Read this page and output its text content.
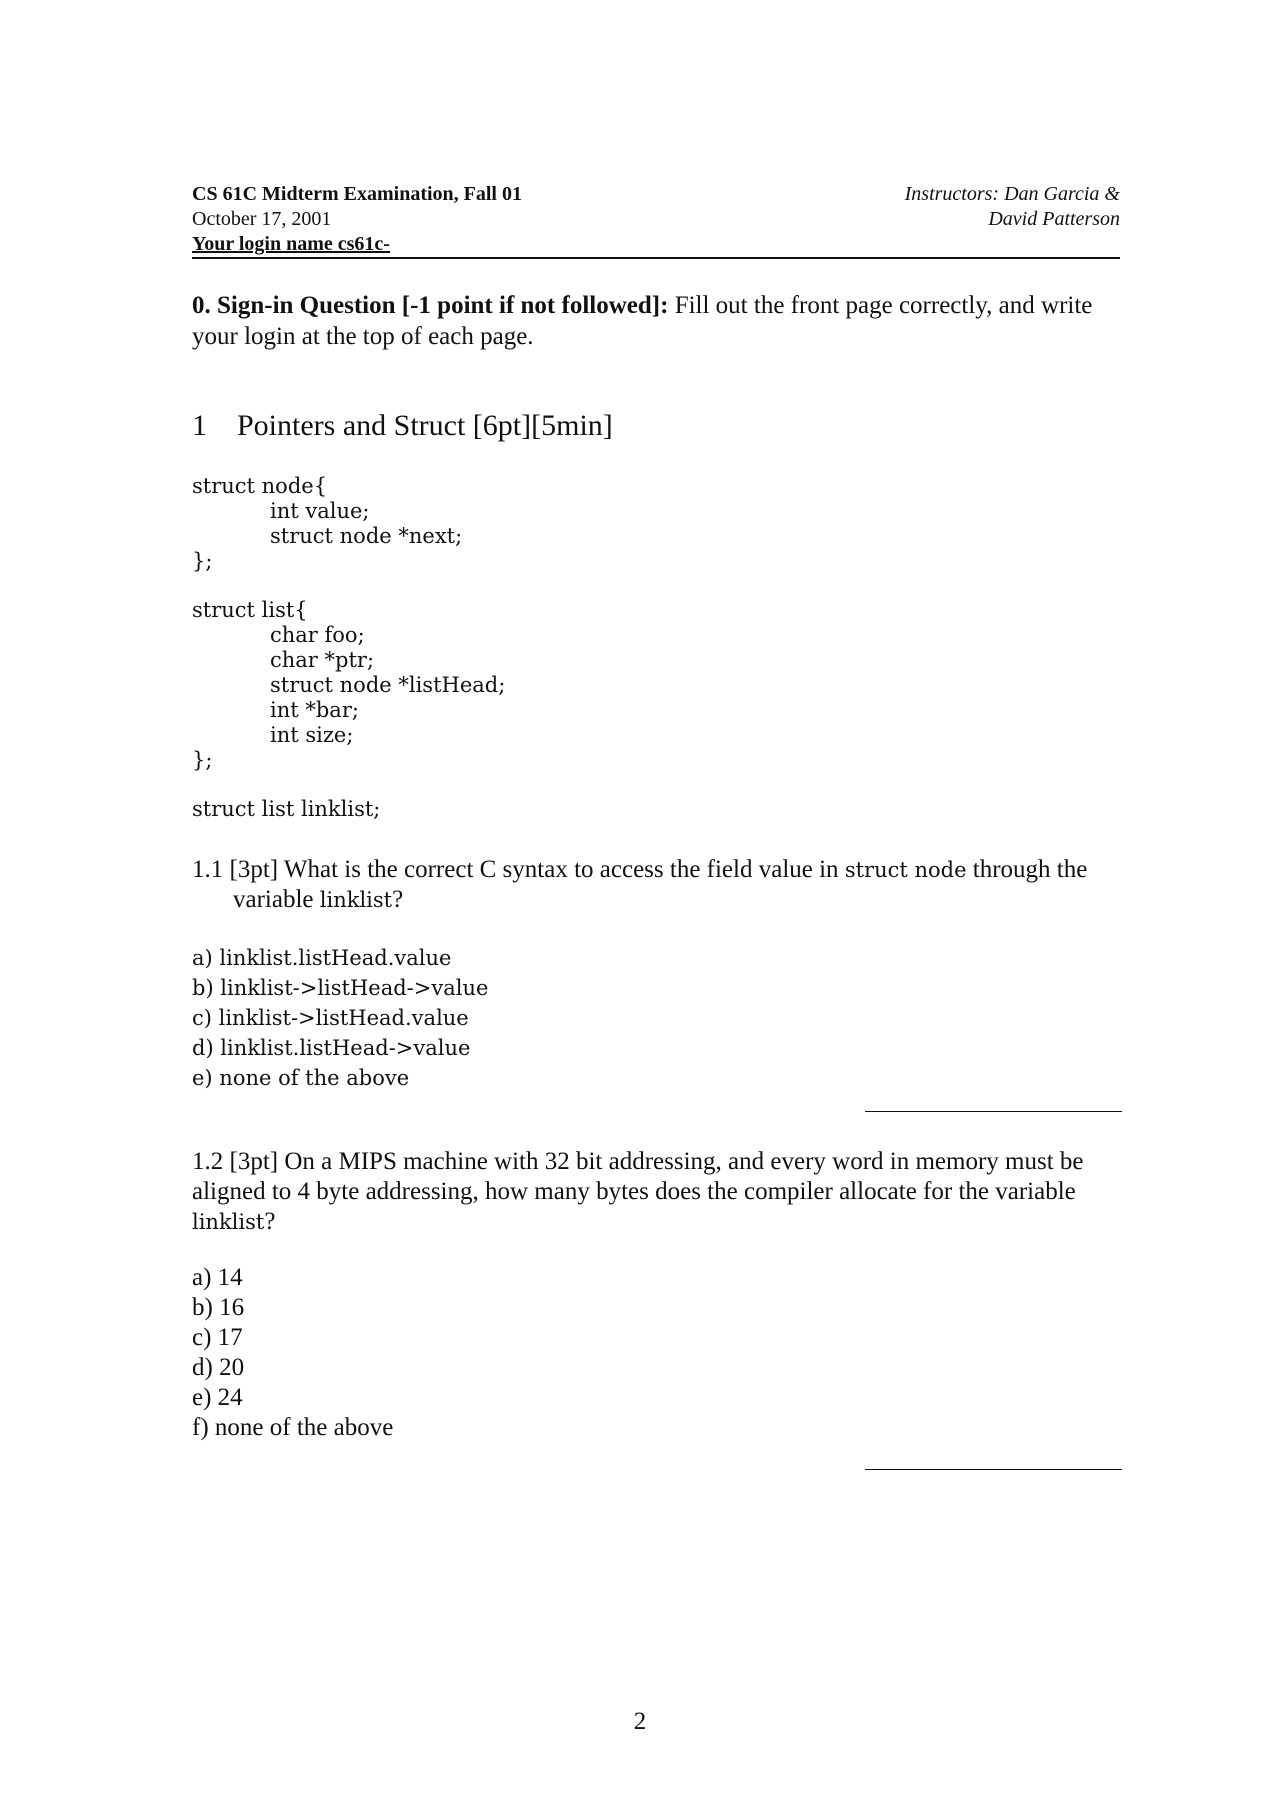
CS 61C Midterm Examination, Fall 01	Instructors: Dan Garcia &
October 17, 2001	David Patterson
Your login name cs61c-
0. Sign-in Question [-1 point if not followed]: Fill out the front page correctly, and write your login at the top of each page.
1 Pointers and Struct [6pt][5min]
struct node{
int value;
struct node *next;
};
struct list{
char foo;
char *ptr;
struct node *listHead;
int *bar;
int size;
};
struct list linklist;
1.1 [3pt] What is the correct C syntax to access the field value in struct node through the
variable linklist?
a) linklist.listHead.value
b) linklist->listHead->value
c) linklist->listHead.value
d) linklist.listHead->value
e) none of the above
1.2 [3pt] On a MIPS machine with 32 bit addressing, and every word in memory must be aligned to 4 byte addressing, how many bytes does the compiler allocate for the variable linklist?
a) 14
b) 16
c) 17
d) 20
e) 24
f) none of the above
2
